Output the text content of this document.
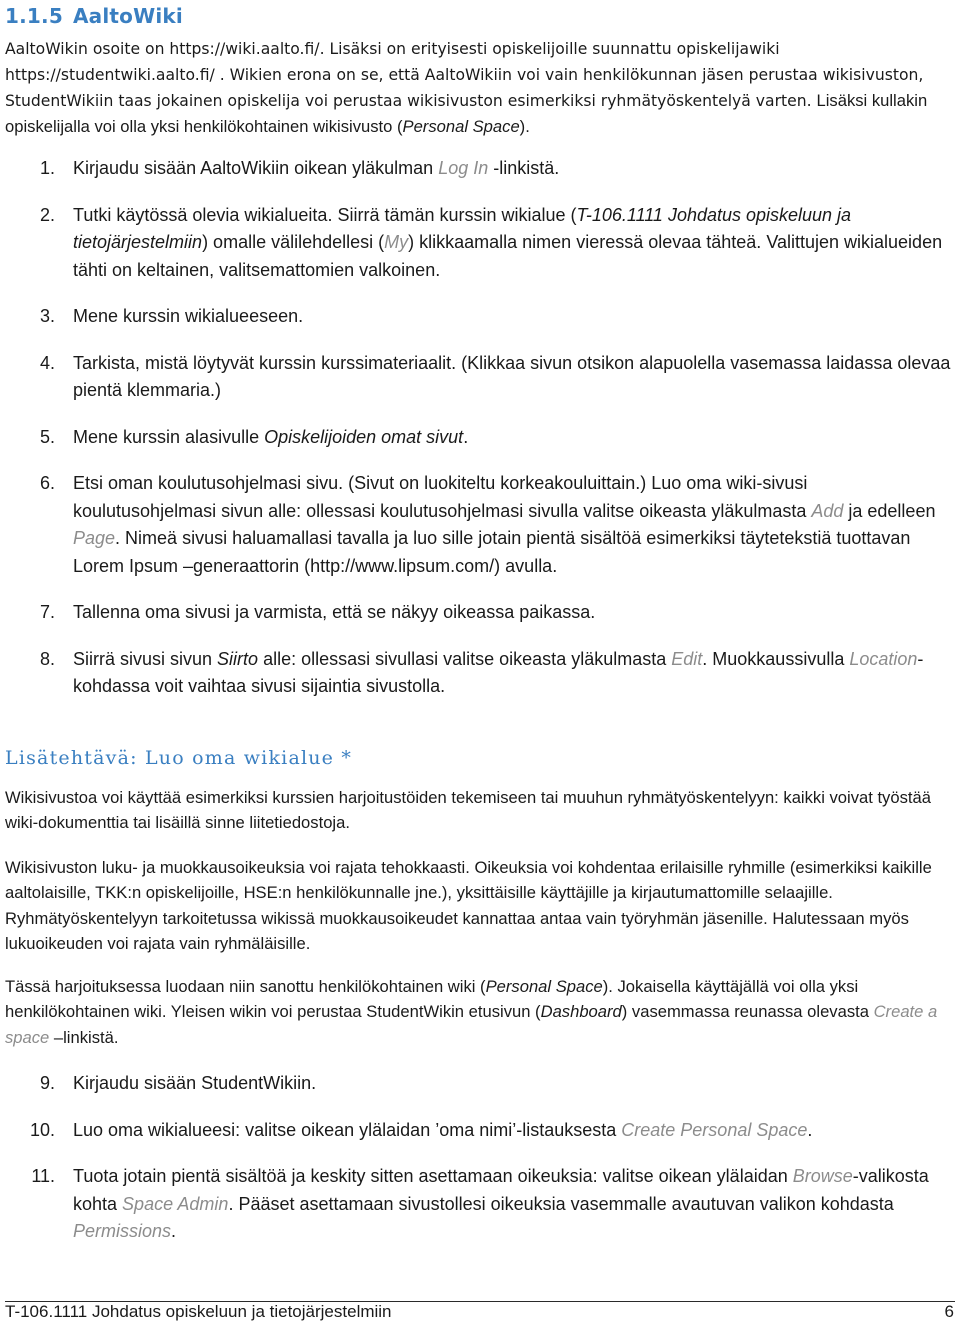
1.1.5 AaltoWiki
AaltoWikin osoite on https://wiki.aalto.fi/. Lisäksi on erityisesti opiskelijoille suunnattu opiskelijawiki https://studentwiki.aalto.fi/ . Wikien erona on se, että AaltoWikiin voi vain henkilökunnan jäsen perustaa wikisivuston, StudentWikiin taas jokainen opiskelija voi perustaa wikisivuston esimerkiksi ryhmätyöskentelyä varten. Lisäksi kullakin opiskelijalla voi olla yksi henkilökohtainen wikisivusto (Personal Space).

1. Kirjaudu sisään AaltoWikiin oikean yläkulman Log In -linkistä.

2. Tutki käytössä olevia wikialueita. Siirrä tämän kurssin wikialue (T-106.1111 Johdatus opiskeluun ja tietojärjestelmiin) omalle välilehdellesi (My) klikkaamalla nimen vieressä olevaa tähteä. Valittujen wikialueiden tähti on keltainen, valitsemattomien valkoinen.

3. Mene kurssin wikialueeseen.

4. Tarkista, mistä löytyvät kurssin kurssimateriaalit. (Klikkaa sivun otsikon alapuolella vasemassa laidassa olevaa pientä klemmaria.)

5. Mene kurssin alasivulle Opiskelijoiden omat sivut.

6. Etsi oman koulutusohjelmasi sivu. (Sivut on luokiteltu korkeakouluittain.) Luo oma wiki-sivusi koulutusohjelmasi sivun alle: ollessasi koulutusohjelmasi sivulla valitse oikeasta yläkulmasta Add ja edelleen Page. Nimeä sivusi haluamallasi tavalla ja luo sille jotain pientä sisältöä esimerkiksi täytetekstiä tuottavan Lorem Ipsum –generaattorin (http://www.lipsum.com/) avulla.

7. Tallenna oma sivusi ja varmista, että se näkyy oikeassa paikassa.

8. Siirrä sivusi sivun Siirto alle: ollessasi sivullasi valitse oikeasta yläkulmasta Edit. Muokkaussivulla Location-kohdassa voit vaihtaa sivusi sijaintia sivustolla.

Lisätehtävä: Luo oma wikialue *
Wikisivustoa voi käyttää esimerkiksi kurssien harjoitustöiden tekemiseen tai muuhun ryhmätyöskentelyyn: kaikki voivat työstää wiki-dokumenttia tai lisäillä sinne liitetiedostoja.
Wikisivuston luku- ja muokkausoikeuksia voi rajata tehokkaasti. Oikeuksia voi kohdentaa erilaisille ryhmille (esimerkiksi kaikille aaltolaisille, TKK:n opiskelijoille, HSE:n henkilökunnalle jne.), yksittäisille käyttäjille ja kirjautumattomille selaajille. Ryhmätyöskentelyyn tarkoitetussa wikissä muokkausoikeudet kannattaa antaa vain työryhmän jäsenille. Halutessaan myös lukuoikeuden voi rajata vain ryhmäläisille.
Tässä harjoituksessa luodaan niin sanottu henkilökohtainen wiki (Personal Space). Jokaisella käyttäjällä voi olla yksi henkilökohtainen wiki. Yleisen wikin voi perustaa StudentWikin etusivun (Dashboard) vasemmassa reunassa olevasta Create a space –linkistä.

9. Kirjaudu sisään StudentWikiin.

10. Luo oma wikialueesi: valitse oikean ylälaidan ’oma nimi’-listauksesta Create Personal Space.

11. Tuota jotain pientä sisältöä ja keskity sitten asettamaan oikeuksia: valitse oikean ylälaidan Browse-valikosta kohta Space Admin. Pääset asettamaan sivustollesi oikeuksia vasemmalle avautuvan valikon kohdasta Permissions.

T-106.1111 Johdatus opiskeluun ja tietojärjestelmiin	6
